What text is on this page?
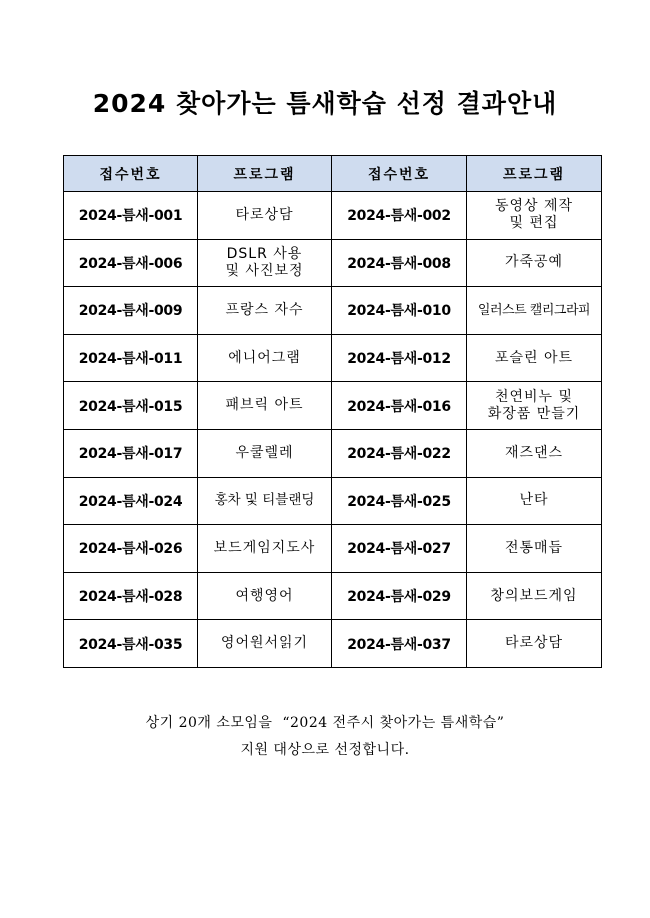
2024 찾아가는 틈새학습 선정 결과안내
접수번호	프로그램	접수번호	프로그램
2024-틈새-001	타로상담	2024-틈새-002	동영상 제작
및 편집
2024-틈새-006	DSLR 사용
및 사진보정	2024-틈새-008	가죽공예
2024-틈새-009	프랑스 자수	2024-틈새-010	일러스트 캘리그라피
2024-틈새-011	에니어그램	2024-틈새-012	포슬린 아트
2024-틈새-015	패브릭 아트	2024-틈새-016	천연비누 및
화장품 만들기
2024-틈새-017	우쿨렐레	2024-틈새-022	재즈댄스
2024-틈새-024	홍차 및 티블랜딩	2024-틈새-025	난타
2024-틈새-026	보드게임지도사	2024-틈새-027	전통매듭
2024-틈새-028	여행영어	2024-틈새-029	창의보드게임
2024-틈새-035	영어원서읽기	2024-틈새-037	타로상담
상기 20개 소모임을  “2024 전주시 찾아가는 틈새학습”
지원 대상으로 선정합니다.
